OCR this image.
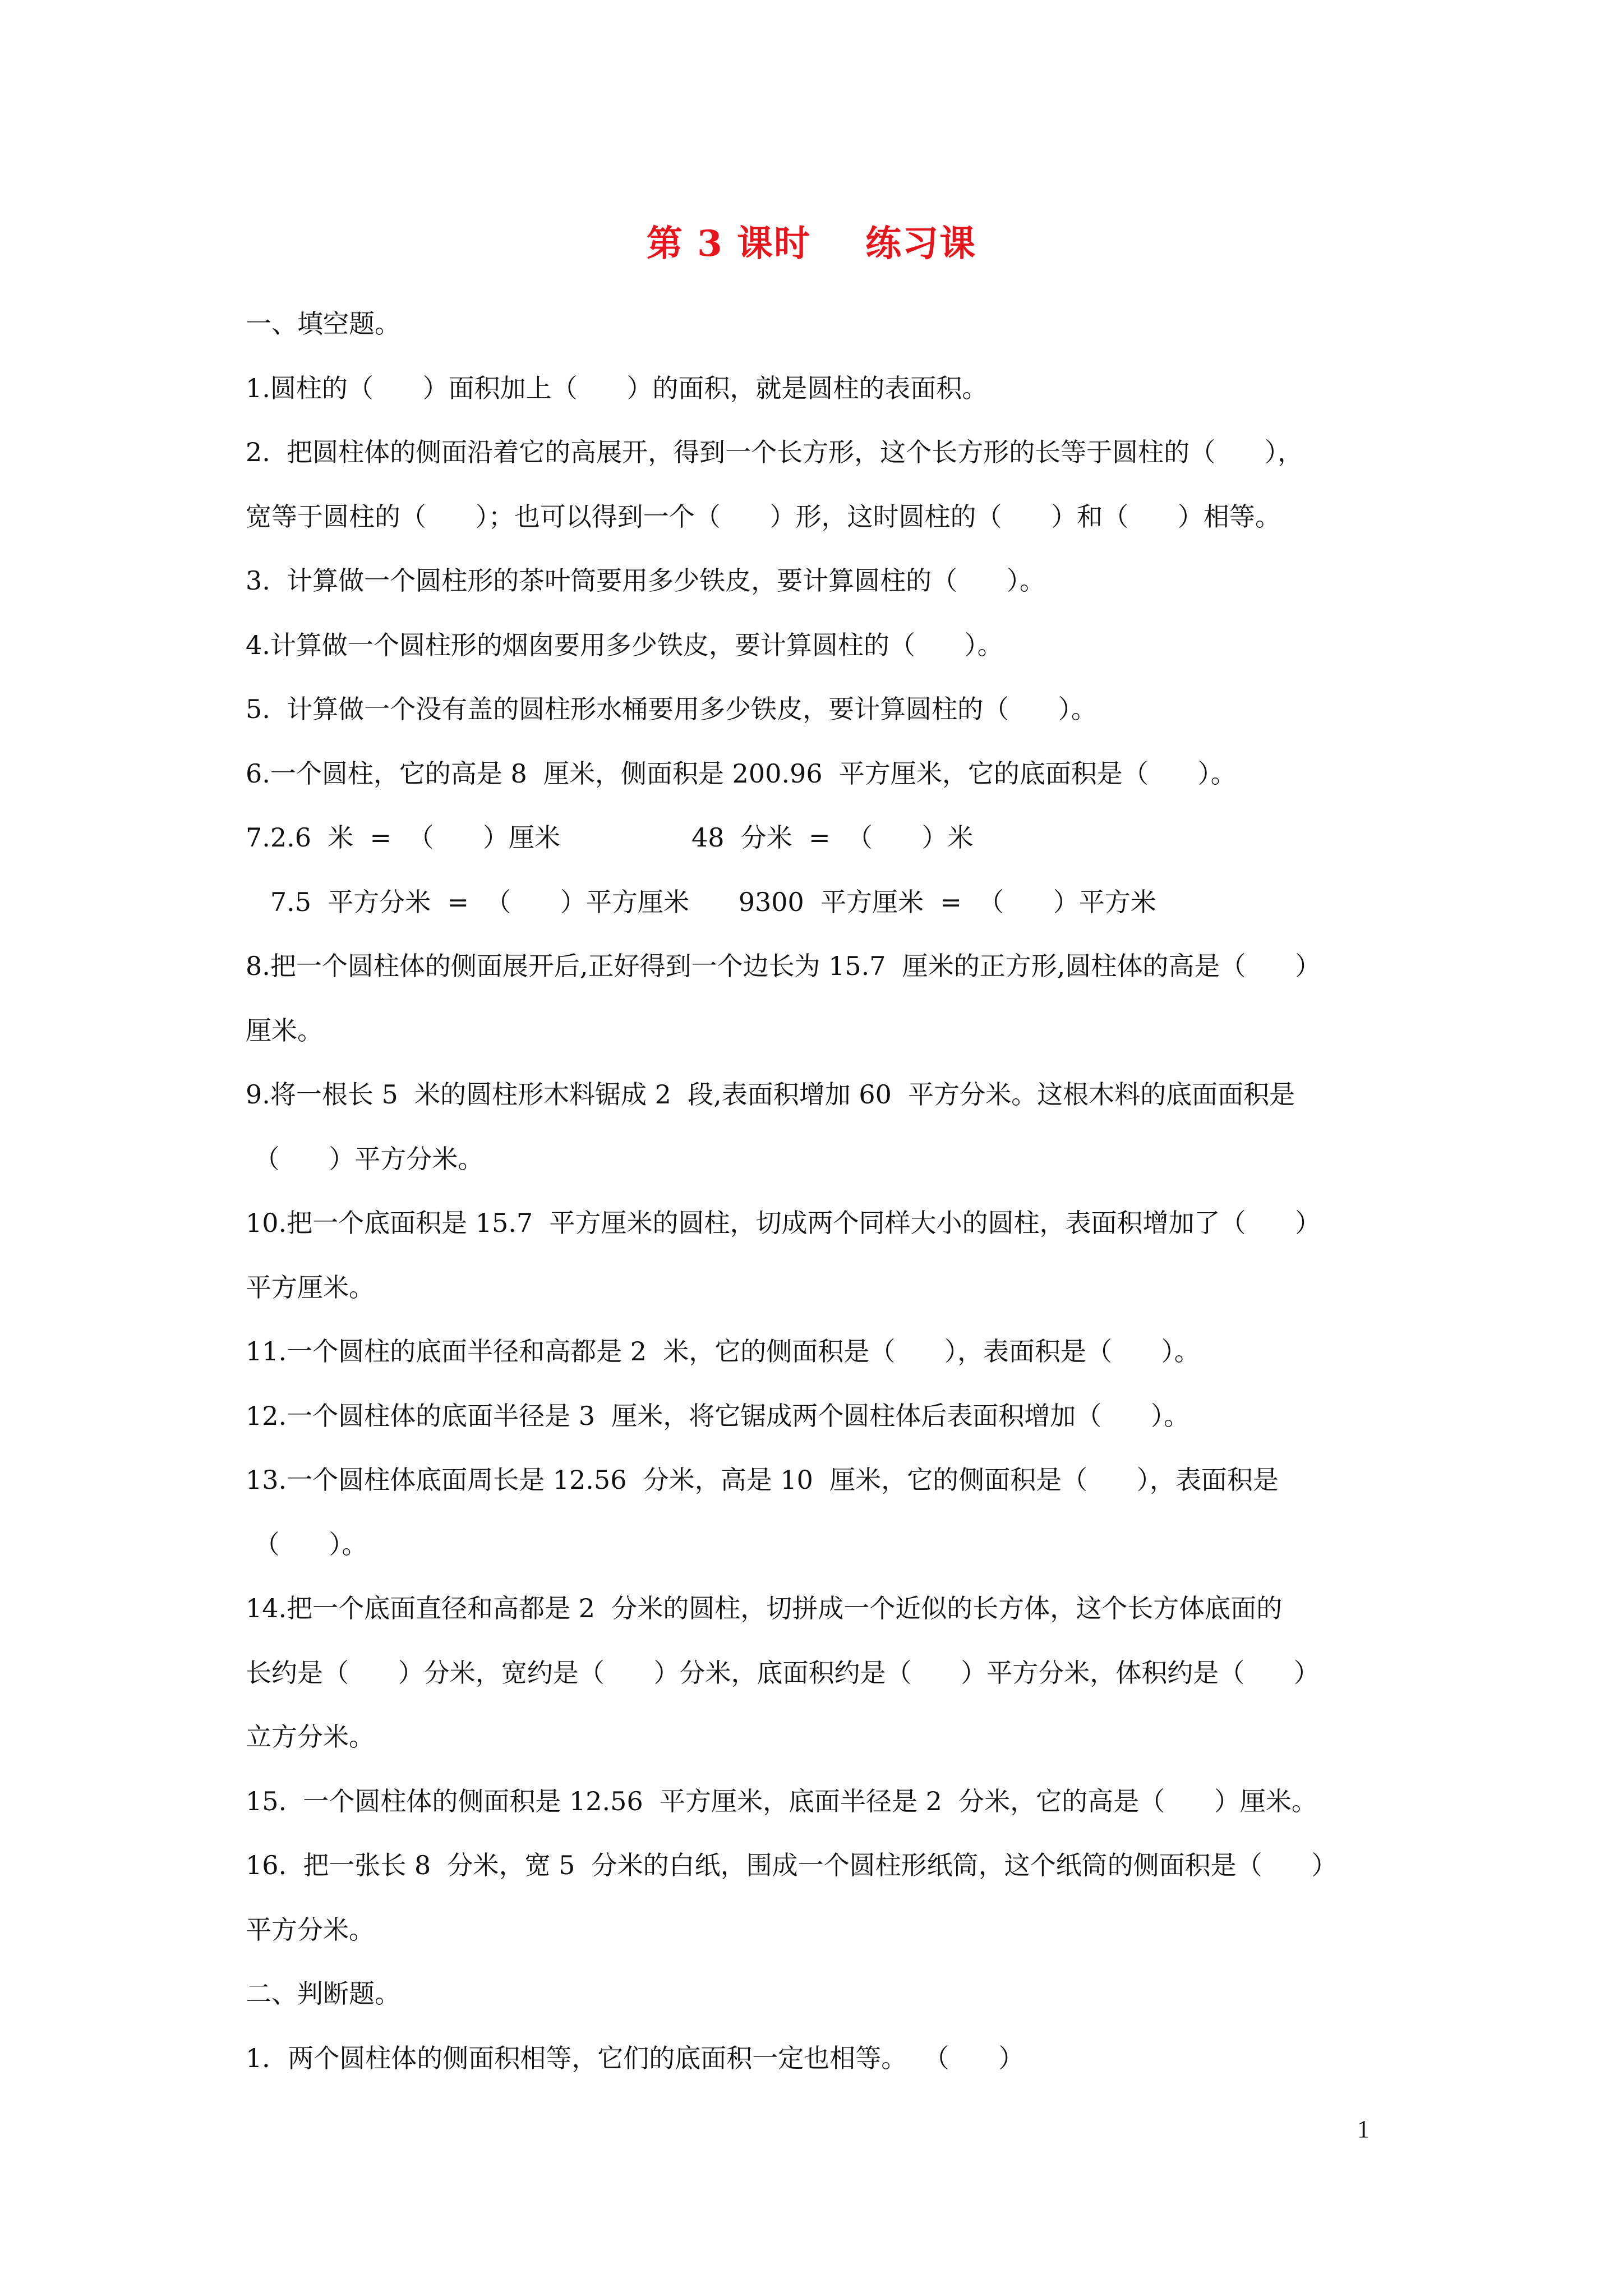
第 3 课时    练习课
一、填空题。
1.圆柱的（      ）面积加上（      ）的面积，就是圆柱的表面积。
2.  把圆柱体的侧面沿着它的高展开，得到一个长方形，这个长方形的长等于圆柱的（      ），
宽等于圆柱的（      ）；也可以得到一个（      ）形，这时圆柱的（      ）和（      ）相等。
3.  计算做一个圆柱形的茶叶筒要用多少铁皮，要计算圆柱的（      ）。
4.计算做一个圆柱形的烟囱要用多少铁皮，要计算圆柱的（      ）。
5.  计算做一个没有盖的圆柱形水桶要用多少铁皮，要计算圆柱的（      ）。
6.一个圆柱，它的高是 8  厘米，侧面积是 200.96  平方厘米，它的底面积是（      ）。
7.2.6  米  =  （      ）厘米                48  分米  =  （      ）米
7.5  平方分米  =  （      ）平方厘米      9300  平方厘米  =  （      ）平方米
8.把一个圆柱体的侧面展开后,正好得到一个边长为 15.7  厘米的正方形,圆柱体的高是（      ）
厘米。
9.将一根长 5  米的圆柱形木料锯成 2  段,表面积增加 60  平方分米。这根木料的底面面积是
（      ）平方分米。
10.把一个底面积是 15.7  平方厘米的圆柱，切成两个同样大小的圆柱，表面积增加了（      ）
平方厘米。
11.一个圆柱的底面半径和高都是 2  米，它的侧面积是（      ），表面积是（      ）。
12.一个圆柱体的底面半径是 3  厘米，将它锯成两个圆柱体后表面积增加（      ）。
13.一个圆柱体底面周长是 12.56  分米，高是 10  厘米，它的侧面积是（      ），表面积是
（      ）。
14.把一个底面直径和高都是 2  分米的圆柱，切拼成一个近似的长方体，这个长方体底面的
长约是（      ）分米，宽约是（      ）分米，底面积约是（      ）平方分米，体积约是（      ）
立方分米。
15.  一个圆柱体的侧面积是 12.56  平方厘米，底面半径是 2  分米，它的高是（      ）厘米。
16.  把一张长 8  分米，宽 5  分米的白纸，围成一个圆柱形纸筒，这个纸筒的侧面积是（      ）
平方分米。
二、判断题。
1．两个圆柱体的侧面积相等，它们的底面积一定也相等。  （      ）
1
